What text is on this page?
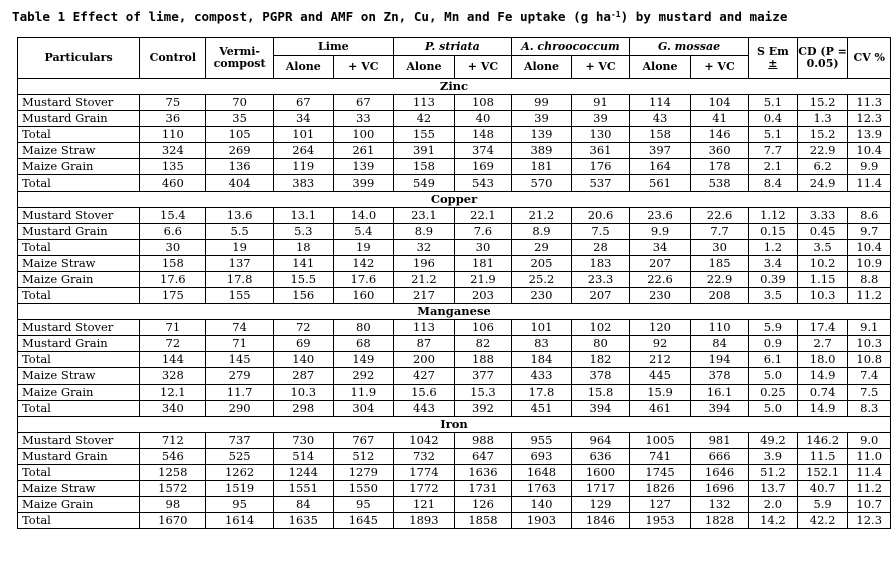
Table 1 Effect of lime, compost, PGPR and AMF on Zn, Cu, Mn and Fe uptake (g $ha^{-1}$) by mustard and maize
Particulars	Control	Vermi-compost	Lime		P. striata		A. chroococcum		G. mossae		S Em
±	CD (P = 0.05)	CV %
			Alone	+ VC	Alone	+ VC	Alone	+ VC	Alone	+ VC			
Zinc													
Mustard Stover	75	70	67	67	113	108	99	91	114	104	5.1	15.2	11.3
Mustard Grain	36	35	34	33	42	40	39	39	43	41	0.4	1.3	12.3
Total	110	105	101	100	155	148	139	130	158	146	5.1	15.2	13.9
Maize Straw	324	269	264	261	391	374	389	361	397	360	7.7	22.9	10.4
Maize Grain	135	136	119	139	158	169	181	176	164	178	2.1	6.2	9.9
Total	460	404	383	399	549	543	570	537	561	538	8.4	24.9	11.4
Copper													
Mustard Stover	15.4	13.6	13.1	14.0	23.1	22.1	21.2	20.6	23.6	22.6	1.12	3.33	8.6
Mustard Grain	6.6	5.5	5.3	5.4	8.9	7.6	8.9	7.5	9.9	7.7	0.15	0.45	9.7
Total	30	19	18	19	32	30	29	28	34	30	1.2	3.5	10.4
Maize Straw	158	137	141	142	196	181	205	183	207	185	3.4	10.2	10.9
Maize Grain	17.6	17.8	15.5	17.6	21.2	21.9	25.2	23.3	22.6	22.9	0.39	1.15	8.8
Total	175	155	156	160	217	203	230	207	230	208	3.5	10.3	11.2
Manganese													
Mustard Stover	71	74	72	80	113	106	101	102	120	110	5.9	17.4	9.1
Mustard Grain	72	71	69	68	87	82	83	80	92	84	0.9	2.7	10.3
Total	144	145	140	149	200	188	184	182	212	194	6.1	18.0	10.8
Maize Straw	328	279	287	292	427	377	433	378	445	378	5.0	14.9	7.4
Maize Grain	12.1	11.7	10.3	11.9	15.6	15.3	17.8	15.8	15.9	16.1	0.25	0.74	7.5
Total	340	290	298	304	443	392	451	394	461	394	5.0	14.9	8.3
Iron													
Mustard Stover	712	737	730	767	1042	988	955	964	1005	981	49.2	146.2	9.0
Mustard Grain	546	525	514	512	732	647	693	636	741	666	3.9	11.5	11.0
Total	1258	1262	1244	1279	1774	1636	1648	1600	1745	1646	51.2	152.1	11.4
Maize Straw	1572	1519	1551	1550	1772	1731	1763	1717	1826	1696	13.7	40.7	11.2
Maize Grain	98	95	84	95	121	126	140	129	127	132	2.0	5.9	10.7
Total	1670	1614	1635	1645	1893	1858	1903	1846	1953	1828	14.2	42.2	12.3
